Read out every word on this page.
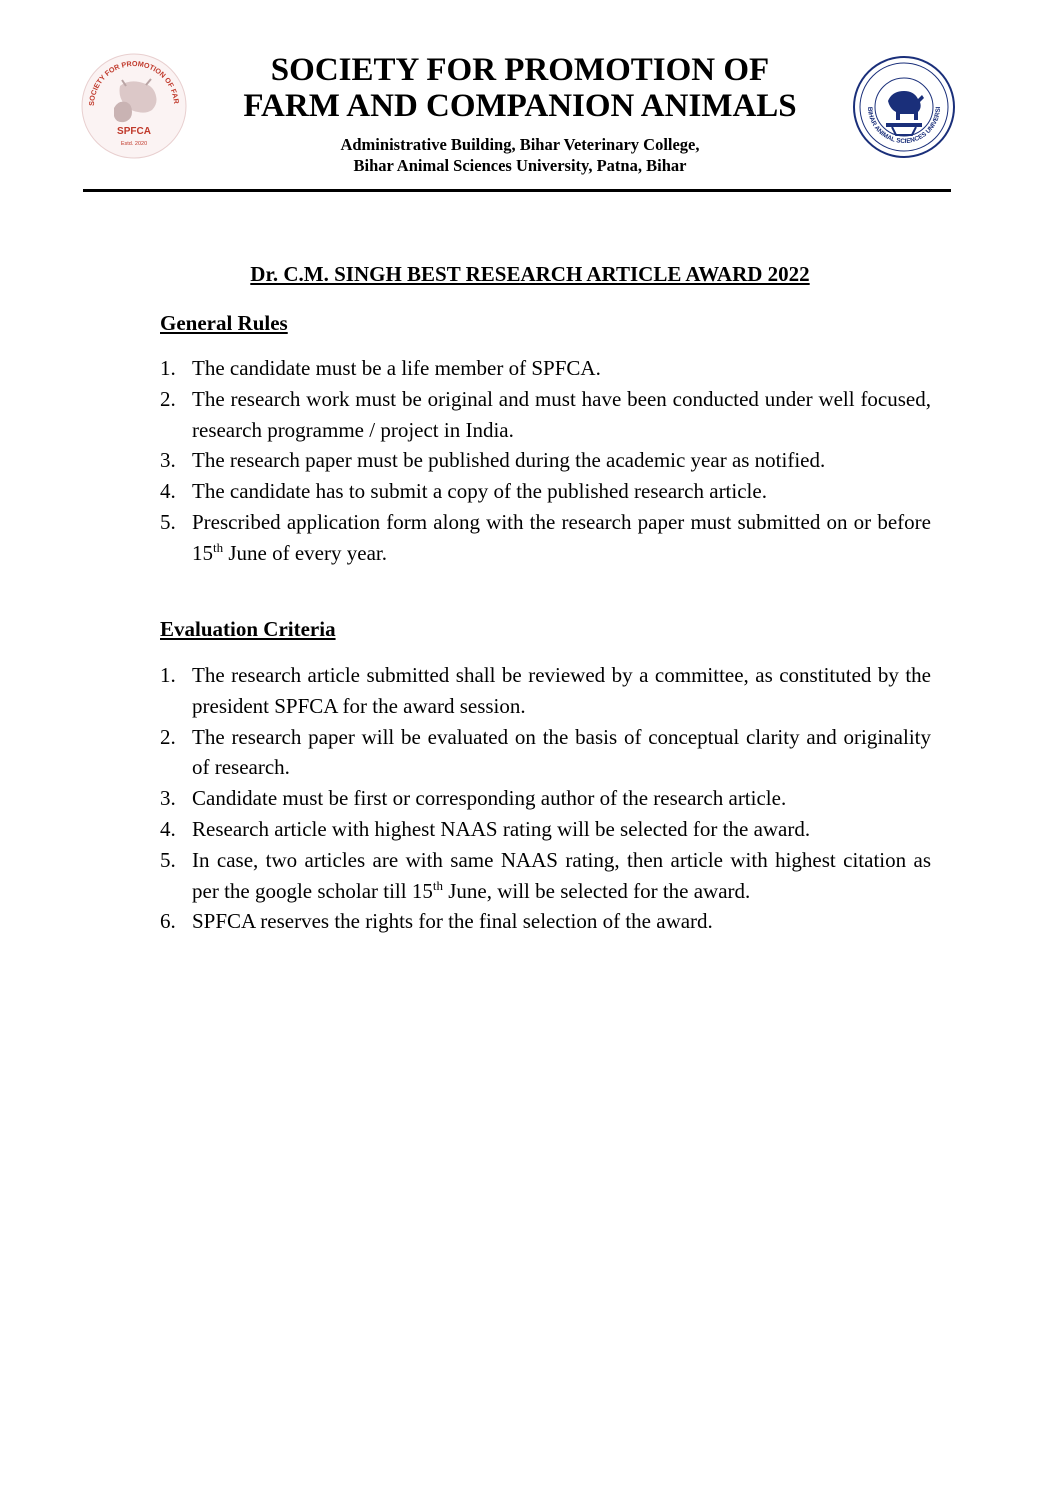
SOCIETY FOR PROMOTION OF FAR
SPFCA
Estd. 2020
SOCIETY FOR PROMOTION OF
FARM AND COMPANION ANIMALS
Administrative Building, Bihar Veterinary College,
Bihar Animal Sciences University, Patna, Bihar
BIHAR ANIMAL SCIENCES UNIVERSI
Dr. C.M. SINGH BEST RESEARCH ARTICLE AWARD 2022
General Rules
1. The candidate must be a life member of SPFCA.
2. The research work must be original and must have been conducted under well focused, research programme / project in India.
3. The research paper must be published during the academic year as notified.
4. The candidate has to submit a copy of the published research article.
5. Prescribed application form along with the research paper must submitted on or before 15th June of every year.
Evaluation Criteria
1. The research article submitted shall be reviewed by a committee, as constituted by the president SPFCA for the award session.
2. The research paper will be evaluated on the basis of conceptual clarity and originality of research.
3. Candidate must be first or corresponding author of the research article.
4. Research article with highest NAAS rating will be selected for the award.
5. In case, two articles are with same NAAS rating, then article with highest citation as per the google scholar till 15th June, will be selected for the award.
6. SPFCA reserves the rights for the final selection of the award.
